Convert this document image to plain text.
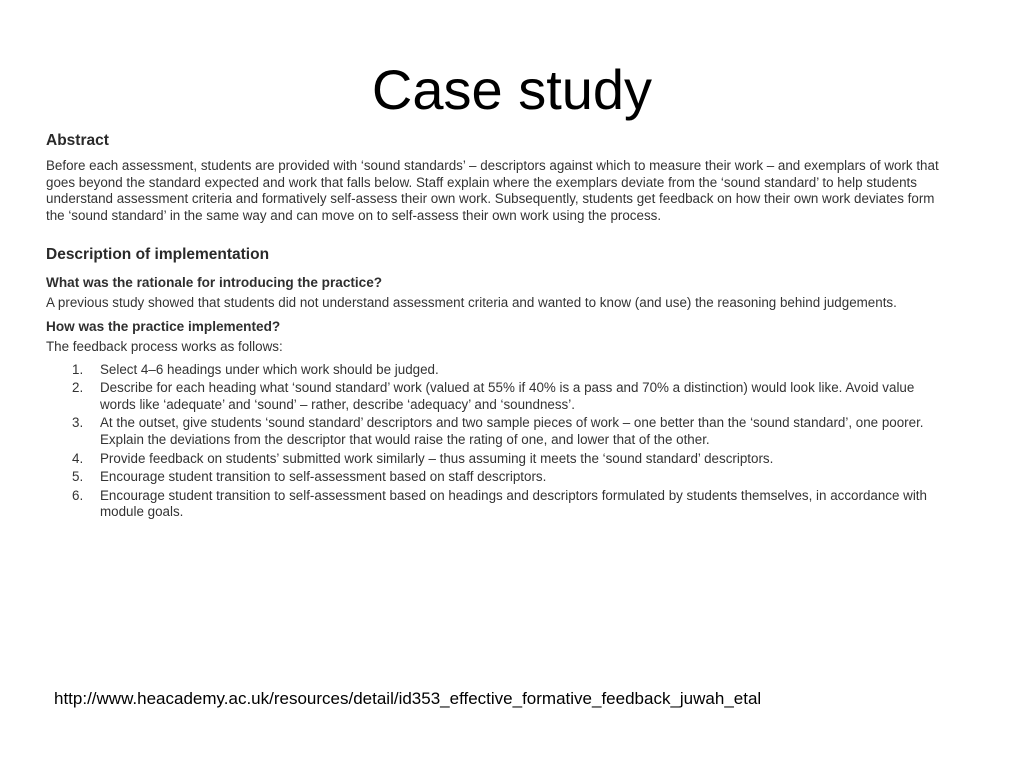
Case study
Abstract

Before each assessment, students are provided with ‘sound standards’ – descriptors against which to measure their work – and exemplars of work that goes beyond the standard expected and work that falls below. Staff explain where the exemplars deviate from the ‘sound standard’ to help students understand assessment criteria and formatively self-assess their own work. Subsequently, students get feedback on how their own work deviates form the ‘sound standard’ in the same way and can move on to self-assess their own work using the process.

Description of implementation
What was the rationale for introducing the practice?

A previous study showed that students did not understand assessment criteria and wanted to know (and use) the reasoning behind judgements.

How was the practice implemented?

The feedback process works as follows:

1. Select 4–6 headings under which work should be judged.
2. Describe for each heading what ‘sound standard’ work (valued at 55% if 40% is a pass and 70% a distinction) would look like. Avoid value words like ‘adequate’ and ‘sound’ – rather, describe ‘adequacy’ and ‘soundness’.
3. At the outset, give students ‘sound standard’ descriptors and two sample pieces of work – one better than the ‘sound standard’, one poorer. Explain the deviations from the descriptor that would raise the rating of one, and lower that of the other.
4. Provide feedback on students’ submitted work similarly – thus assuming it meets the ‘sound standard’ descriptors.
5. Encourage student transition to self-assessment based on staff descriptors.
6. Encourage student transition to self-assessment based on headings and descriptors formulated by students themselves, in accordance with module goals.
http://www.heacademy.ac.uk/resources/detail/id353_effective_formative_feedback_juwah_etal
